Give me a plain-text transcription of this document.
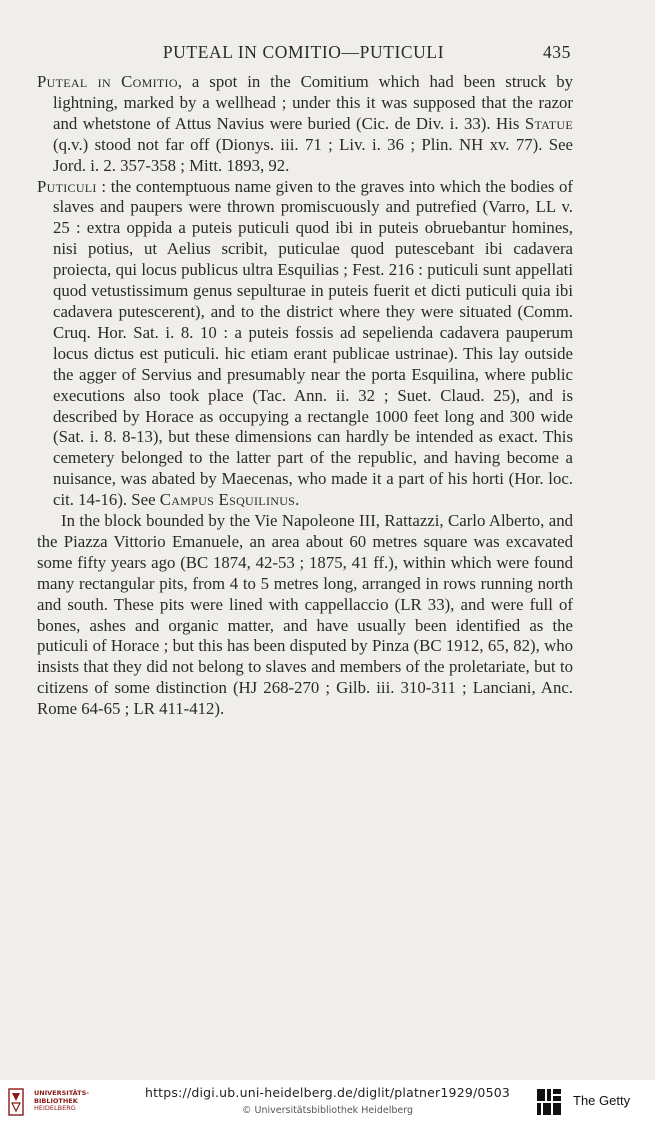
PUTEAL IN COMITIO—PUTICULI	435

Puteal in Comitio, a spot in the Comitium which had been struck by lightning, marked by a wellhead ; under this it was supposed that the razor and whetstone of Attus Navius were buried (Cic. de Div. i. 33). His Statue (q.v.) stood not far off (Dionys. iii. 71 ; Liv. i. 36 ; Plin. NH xv. 77). See Jord. i. 2. 357-358 ; Mitt. 1893, 92.

Puticuli : the contemptuous name given to the graves into which the bodies of slaves and paupers were thrown promiscuously and putrefied (Varro, LL v. 25 : extra oppida a puteis puticuli quod ibi in puteis obruebantur homines, nisi potius, ut Aelius scribit, puticulae quod putescebant ibi cadavera proiecta, qui locus publicus ultra Esquilias ; Fest. 216 : puticuli sunt appellati quod vetustissimum genus sepulturae in puteis fuerit et dicti puticuli quia ibi cadavera putescerent), and to the district where they were situated (Comm. Cruq. Hor. Sat. i. 8. 10 : a puteis fossis ad sepelienda cadavera pauperum locus dictus est puticuli. hic etiam erant publicae ustrinae). This lay outside the agger of Servius and presumably near the porta Esquilina, where public executions also took place (Tac. Ann. ii. 32 ; Suet. Claud. 25), and is described by Horace as occupying a rectangle 1000 feet long and 300 wide (Sat. i. 8. 8-13), but these dimensions can hardly be intended as exact. This cemetery belonged to the latter part of the republic, and having become a nuisance, was abated by Maecenas, who made it a part of his horti (Hor. loc. cit. 14-16). See Campus Esquilinus.

In the block bounded by the Vie Napoleone III, Rattazzi, Carlo Alberto, and the Piazza Vittorio Emanuele, an area about 60 metres square was excavated some fifty years ago (BC 1874, 42-53 ; 1875, 41 ff.), within which were found many rectangular pits, from 4 to 5 metres long, arranged in rows running north and south. These pits were lined with cappellaccio (LR 33), and were full of bones, ashes and organic matter, and have usually been identified as the puticuli of Horace ; but this has been disputed by Pinza (BC 1912, 65, 82), who insists that they did not belong to slaves and members of the proletariate, but to citizens of some distinction (HJ 268-270 ; Gilb. iii. 310-311 ; Lanciani, Anc. Rome 64-65 ; LR 411-412).

UNIVERSITÄTS-
BIBLIOTHEK
HEIDELBERG
https://digi.ub.uni-heidelberg.de/diglit/platner1929/0503
© Universitätsbibliothek Heidelberg
The Getty
